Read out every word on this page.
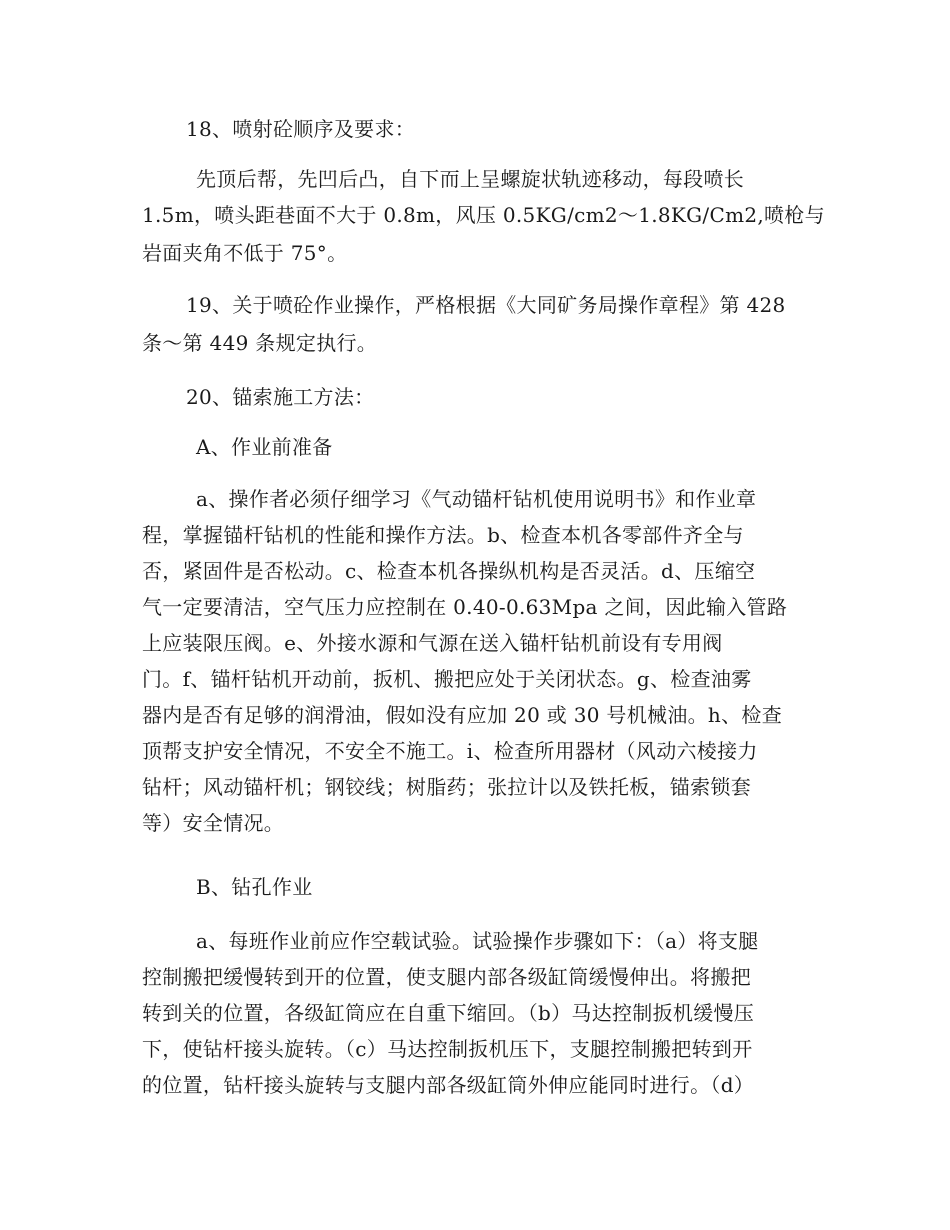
18、喷射砼顺序及要求：
先顶后帮，先凹后凸，自下而上呈螺旋状轨迹移动，每段喷长
1.5m，喷头距巷面不大于 0.8m，风压 0.5KG/cm2～1.8KG/Cm2,喷枪与
岩面夹角不低于 75°。
19、关于喷砼作业操作，严格根据《大同矿务局操作章程》第 428
条～第 449 条规定执行。
20、锚索施工方法：
A、作业前准备
a、操作者必须仔细学习《气动锚杆钻机使用说明书》和作业章
程，掌握锚杆钻机的性能和操作方法。b、检查本机各零部件齐全与
否，紧固件是否松动。c、检查本机各操纵机构是否灵活。d、压缩空
气一定要清洁，空气压力应控制在 0.40-0.63Mpa 之间，因此输入管路
上应装限压阀。e、外接水源和气源在送入锚杆钻机前设有专用阀
门。f、锚杆钻机开动前，扳机、搬把应处于关闭状态。g、检查油雾
器内是否有足够的润滑油，假如没有应加 20 或 30 号机械油。h、检查
顶帮支护安全情况，不安全不施工。i、检查所用器材（风动六棱接力
钻杆；风动锚杆机；钢铰线；树脂药；张拉计以及铁托板，锚索锁套
等）安全情况。
B、钻孔作业
a、每班作业前应作空载试验。试验操作步骤如下：（a）将支腿
控制搬把缓慢转到开的位置，使支腿内部各级缸筒缓慢伸出。将搬把
转到关的位置，各级缸筒应在自重下缩回。（b）马达控制扳机缓慢压
下，使钻杆接头旋转。（c）马达控制扳机压下，支腿控制搬把转到开
的位置，钻杆接头旋转与支腿内部各级缸筒外伸应能同时进行。（d）
